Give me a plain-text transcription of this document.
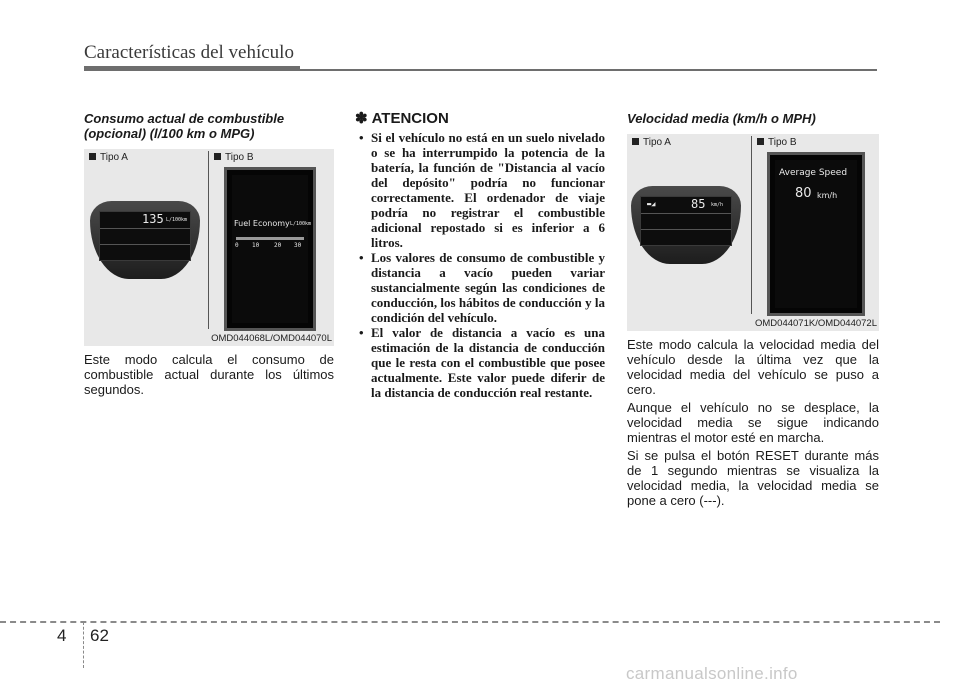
Características del vehículo

Consumo actual de combustible (opcional) (l/100 km o MPG)

Tipo A	Tipo B
135 L/100km	Fuel Economy L/100km
0 10 20 30
OMD044068L/OMD044070L

Este modo calcula el consumo de combustible actual durante los últimos segundos.

✽ ATENCION

• Si el vehículo no está en un suelo nivelado o se ha interrumpido la potencia de la batería, la función de "Distancia al vacío del depósito" podría no funcionar correctamente. El ordenador de viaje podría no registrar el combustible adicional repostado si es inferior a 6 litros.
• Los valores de consumo de combustible y distancia a vacío pueden variar sustancialmente según las condiciones de conducción, los hábitos de conducción y la condición del vehículo.
• El valor de distancia a vacío es una estimación de la distancia de conducción que le resta con el combustible que posee actualmente. Este valor puede diferir de la distancia de conducción real restante.

Velocidad media (km/h o MPH)

Tipo A	Tipo B
▬◢	85 km/h
Average Speed
80 km/h
OMD044071K/OMD044072L

Este modo calcula la velocidad media del vehículo desde la última vez que la velocidad media del vehículo se puso a cero.

Aunque el vehículo no se desplace, la velocidad media se sigue indicando mientras el motor esté en marcha.

Si se pulsa el botón RESET durante más de 1 segundo mientras se visualiza la velocidad media, la velocidad media se pone a cero (---).

4 62
carmanualsonline.info
